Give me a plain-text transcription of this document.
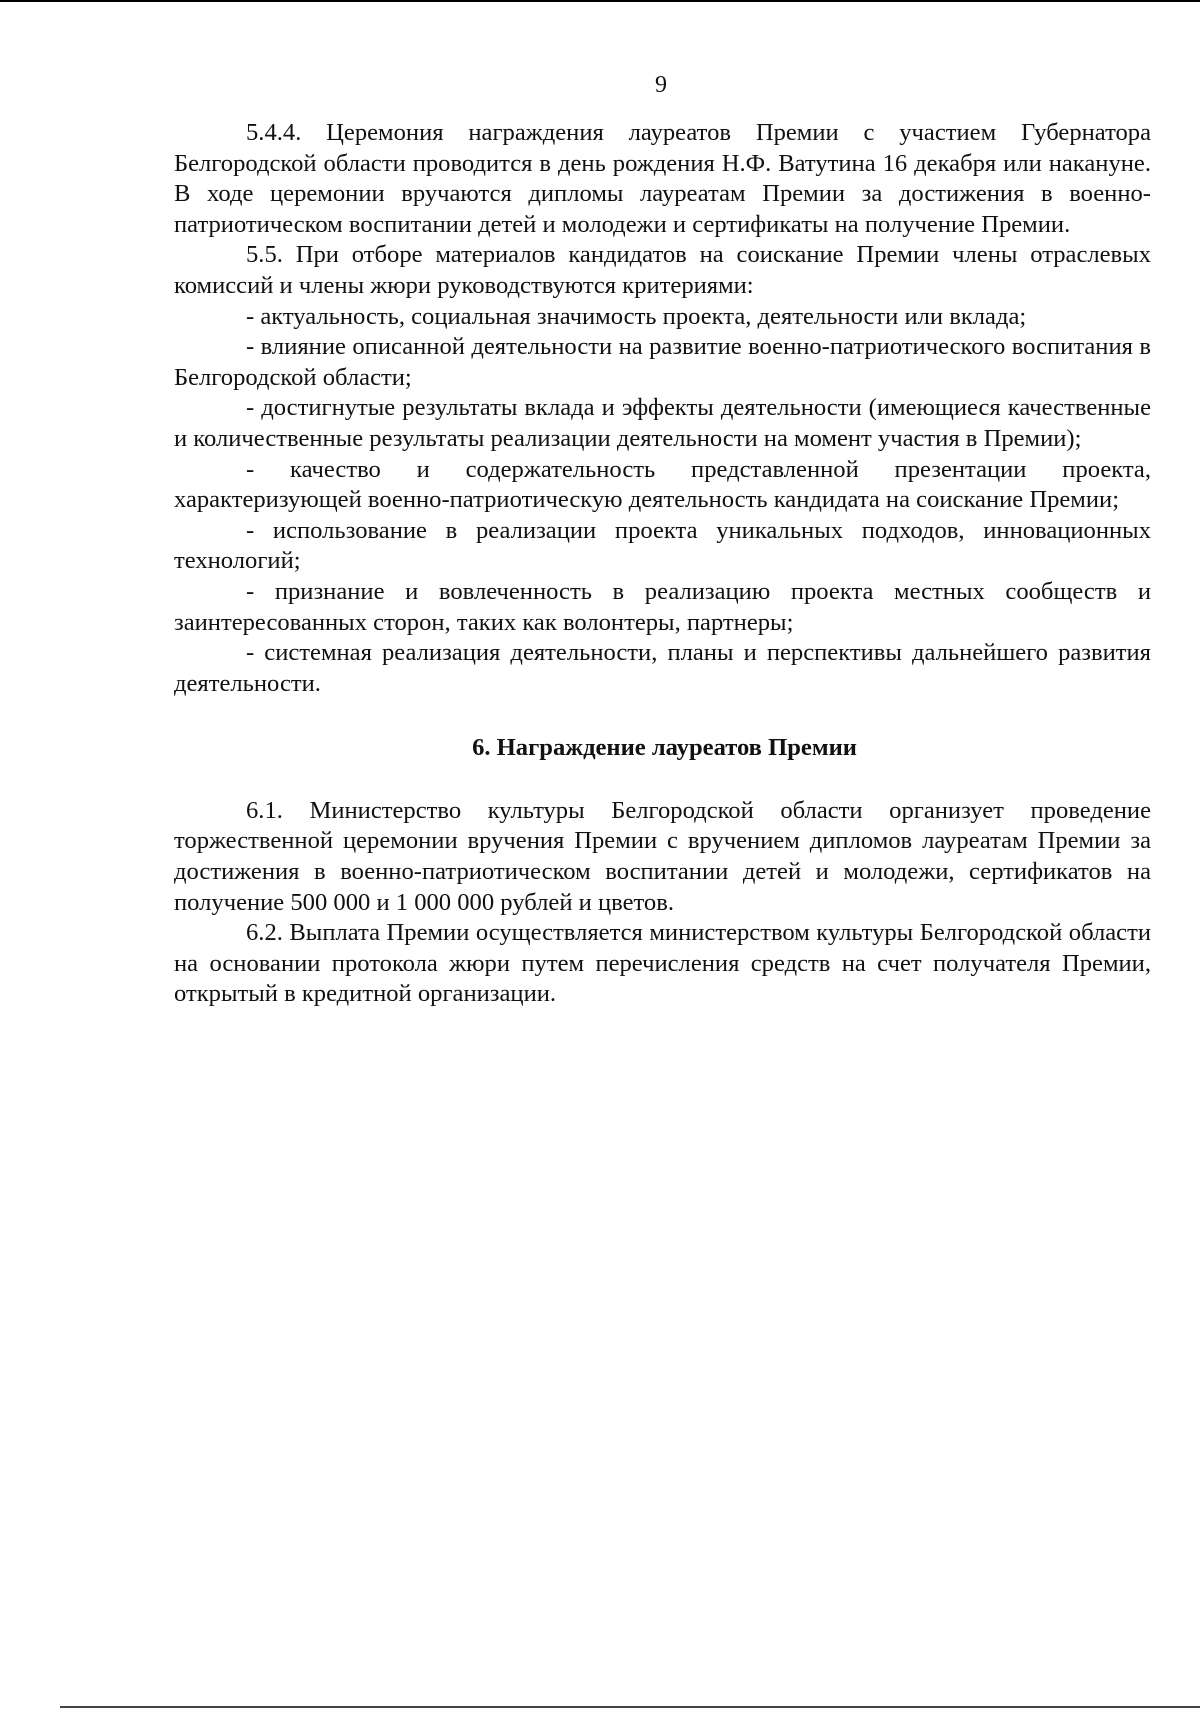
9

5.4.4. Церемония награждения лауреатов Премии с участием Губернатора Белгородской области проводится в день рождения Н.Ф. Ватутина 16 декабря или накануне. В ходе церемонии вручаются дипломы лауреатам Премии за достижения в военно-патриотическом воспитании детей и молодежи и сертификаты на получение Премии.

5.5. При отборе материалов кандидатов на соискание Премии члены отраслевых комиссий и члены жюри руководствуются критериями:

- актуальность, социальная значимость проекта, деятельности или вклада;

- влияние описанной деятельности на развитие военно-патриотического воспитания в Белгородской области;

- достигнутые результаты вклада и эффекты деятельности (имеющиеся качественные и количественные результаты реализации деятельности на момент участия в Премии);

- качество и содержательность представленной презентации проекта, характеризующей военно-патриотическую деятельность кандидата на соискание Премии;

- использование в реализации проекта уникальных подходов, инновационных технологий;

- признание и вовлеченность в реализацию проекта местных сообществ и заинтересованных сторон, таких как волонтеры, партнеры;

- системная реализация деятельности, планы и перспективы дальнейшего развития деятельности.

6. Награждение лауреатов Премии

6.1. Министерство культуры Белгородской области организует проведение торжественной церемонии вручения Премии с вручением дипломов лауреатам Премии за достижения в военно-патриотическом воспитании детей и молодежи, сертификатов на получение 500 000 и 1 000 000 рублей и цветов.

6.2. Выплата Премии осуществляется министерством культуры Белгородской области на основании протокола жюри путем перечисления средств на счет получателя Премии, открытый в кредитной организации.
